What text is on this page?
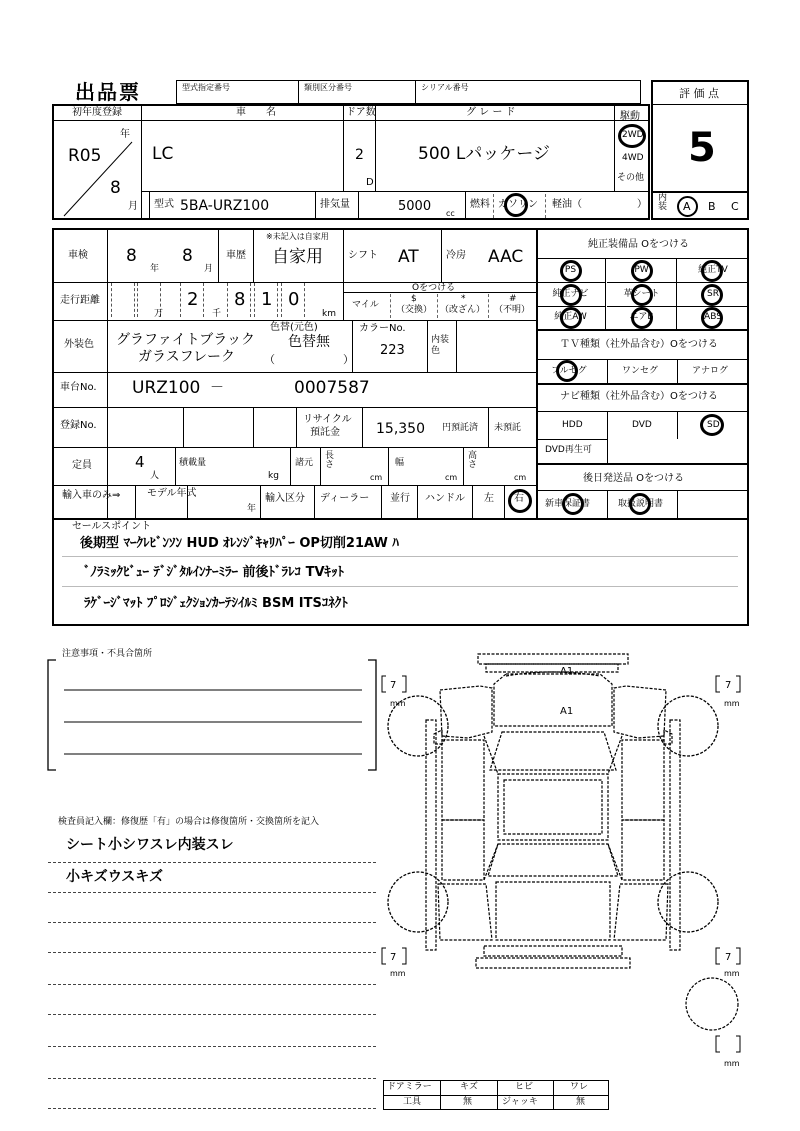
出品票	型式指定番号	類別区分番号	シリアル番号	評 価 点
5
初年度登録	車　　名	ドア数	グ レ ー ド	駆動
年
R05
8
月
LC	2
D
500 Lパッケージ
2WD
4WD
その他
型式 5BA-URZ100	排気量	5000 cc
燃料 ガソリン 軽油（	）
内装 A B C
車検 8
年
8
月
車歴
※未記入は自家用
自家用	シフト AT	冷房 AAC
走行距離	2 8 1 0
万	千	km
Oをつける
マイル
$
（交換）
*
（改ざん）
#
（不明）
外装色 グラファイトブラック
ガラスフレーク
色替(元色)
色替無
（	）
カラーNo.
223
内装色
車台No. URZ100 －	0007587
登録No.
リサイクル
預託金	15,350 円預託済 未預託
定員	4
人
積載量
kg
諸元
長さ
cm
幅
cm
高さ
cm
輸入車のみ⇒	モデル年式
年
輸入区分 ディーラー 並行 ハンドル 左 右
純正装備品 Oをつける
PS	PW	純正TV
純正ナビ	革シート	SR
純正AW	エアB	ABS
ＴＶ種類（社外品含む）Oをつける
フルセグ	ワンセグ	アナログ
ナビ種類（社外品含む）Oをつける
HDD	DVD	SD
DVD再生可
後日発送品 Oをつける
新車保証書	取扱説明書
セールスポイント
後期型 ﾏｰｸﾚﾋﾞﾝｿﾝ HUD ｵﾚﾝｼﾞｷｬﾘﾊﾟｰ OP切削21AW ﾊ
ﾞﾉﾗﾐｯｸﾋﾞｭｰ ﾃﾞｼﾞﾀﾙｲﾝﾅｰﾐﾗｰ 前後ﾄﾞﾗﾚｺ TVｷｯﾄ
ﾗｹﾞｰｼﾞﾏｯﾄ ﾌﾟﾛｼﾞｪｸｼｮﾝｶｰﾃｼｲﾙﾐ BSM ITSｺﾈｸﾄ
注意事項・不具合箇所
検査員記入欄：修復歴「有」の場合は修復箇所・交換箇所を記入
シート小シワスレ内装スレ
小キズウスキズ
A1
A1
7	7
7	7
mm	mm
mm	mm
mm
ドアミラー	キズ	ヒビ	ワレ
工具	無	ジャッキ	無
